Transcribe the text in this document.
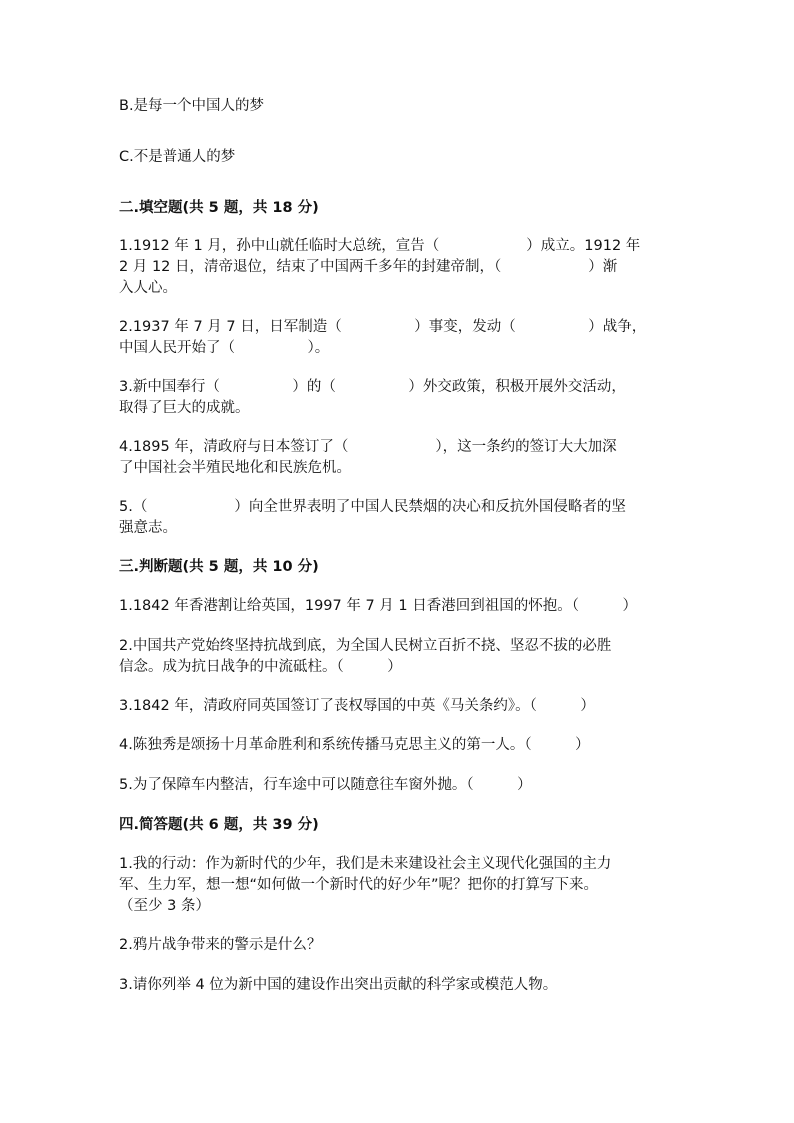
B.是每一个中国人的梦
C.不是普通人的梦
二.填空题(共 5 题，共 18 分)
1.1912 年 1 月，孙中山就任临时大总统，宣告（　　　　　　）成立。1912 年
2 月 12 日，清帝退位，结束了中国两千多年的封建帝制，（　　　　　　）渐
入人心。
2.1937 年 7 月 7 日，日军制造（　　　　　）事变，发动（　　　　　）战争，
中国人民开始了（　　　　　）。
3.新中国奉行（　　　　　）的（　　　　　）外交政策，积极开展外交活动，
取得了巨大的成就。
4.1895 年，清政府与日本签订了（　　　　　　），这一条约的签订大大加深
了中国社会半殖民地化和民族危机。
5.（　　　　　　）向全世界表明了中国人民禁烟的决心和反抗外国侵略者的坚
强意志。
三.判断题(共 5 题，共 10 分)
1.1842 年香港割让给英国，1997 年 7 月 1 日香港回到祖国的怀抱。（　　　）
2.中国共产党始终坚持抗战到底，为全国人民树立百折不挠、坚忍不拔的必胜
信念。成为抗日战争的中流砥柱。（　　　）
3.1842 年，清政府同英国签订了丧权辱国的中英《马关条约》。（　　　）
4.陈独秀是颂扬十月革命胜利和系统传播马克思主义的第一人。（　　　）
5.为了保障车内整洁，行车途中可以随意往车窗外抛。（　　　）
四.简答题(共 6 题，共 39 分)
1.我的行动：作为新时代的少年，我们是未来建设社会主义现代化强国的主力
军、生力军，想一想“如何做一个新时代的好少年”呢？把你的打算写下来。
（至少 3 条）
2.鸦片战争带来的警示是什么？
3.请你列举 4 位为新中国的建设作出突出贡献的科学家或模范人物。
